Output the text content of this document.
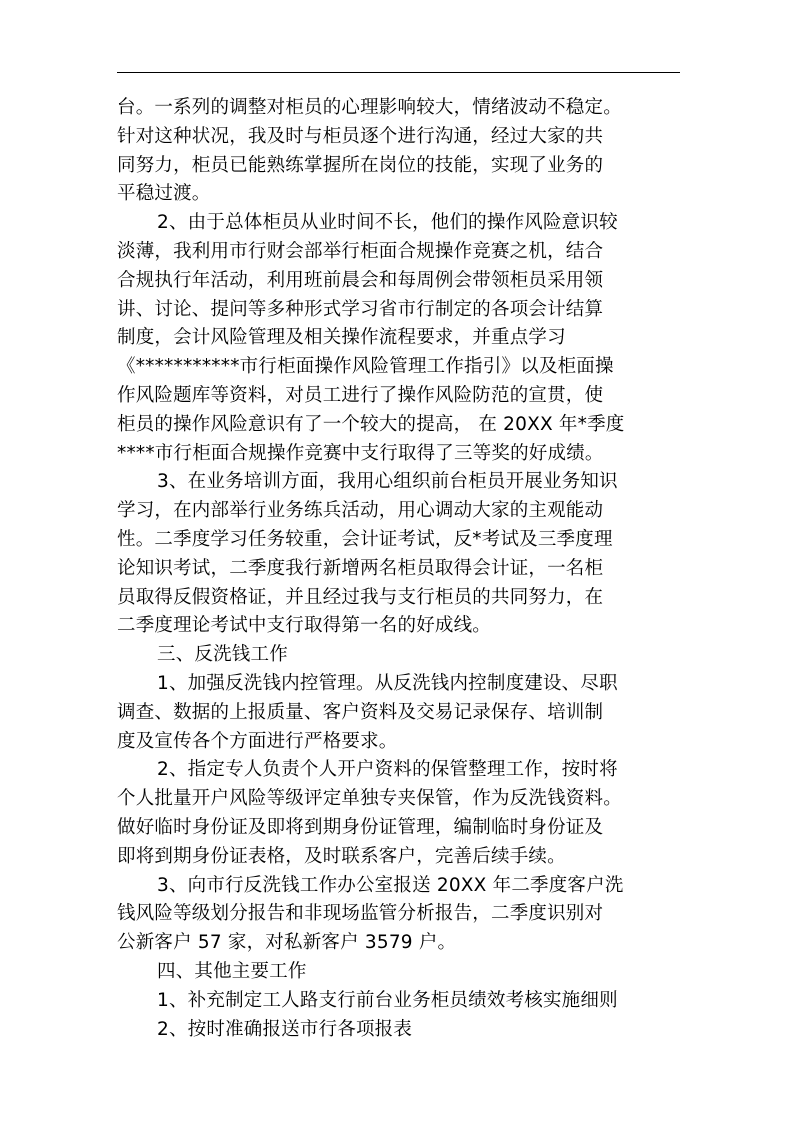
台。一系列的调整对柜员的心理影响较大，情绪波动不稳定。
针对这种状况，我及时与柜员逐个进行沟通，经过大家的共
同努力，柜员已能熟练掌握所在岗位的技能，实现了业务的
平稳过渡。
2、由于总体柜员从业时间不长，他们的操作风险意识较
淡薄，我利用市行财会部举行柜面合规操作竞赛之机，结合
合规执行年活动，利用班前晨会和每周例会带领柜员采用领
讲、讨论、提问等多种形式学习省市行制定的各项会计结算
制度，会计风险管理及相关操作流程要求，并重点学习
《***********市行柜面操作风险管理工作指引》以及柜面操
作风险题库等资料，对员工进行了操作风险防范的宣贯，使
柜员的操作风险意识有了一个较大的提高， 在 20XX 年*季度
****市行柜面合规操作竞赛中支行取得了三等奖的好成绩。
3、在业务培训方面，我用心组织前台柜员开展业务知识
学习，在内部举行业务练兵活动，用心调动大家的主观能动
性。二季度学习任务较重，会计证考试，反*考试及三季度理
论知识考试，二季度我行新增两名柜员取得会计证，一名柜
员取得反假资格证，并且经过我与支行柜员的共同努力，在
二季度理论考试中支行取得第一名的好成线。
三、反洗钱工作
1、加强反洗钱内控管理。从反洗钱内控制度建设、尽职
调查、数据的上报质量、客户资料及交易记录保存、培训制
度及宣传各个方面进行严格要求。
2、指定专人负责个人开户资料的保管整理工作，按时将
个人批量开户风险等级评定单独专夹保管，作为反洗钱资料。
做好临时身份证及即将到期身份证管理，编制临时身份证及
即将到期身份证表格，及时联系客户，完善后续手续。
3、向市行反洗钱工作办公室报送 20XX 年二季度客户洗
钱风险等级划分报告和非现场监管分析报告，二季度识别对
公新客户 57 家，对私新客户 3579 户。
四、其他主要工作
1、补充制定工人路支行前台业务柜员绩效考核实施细则
2、按时准确报送市行各项报表
